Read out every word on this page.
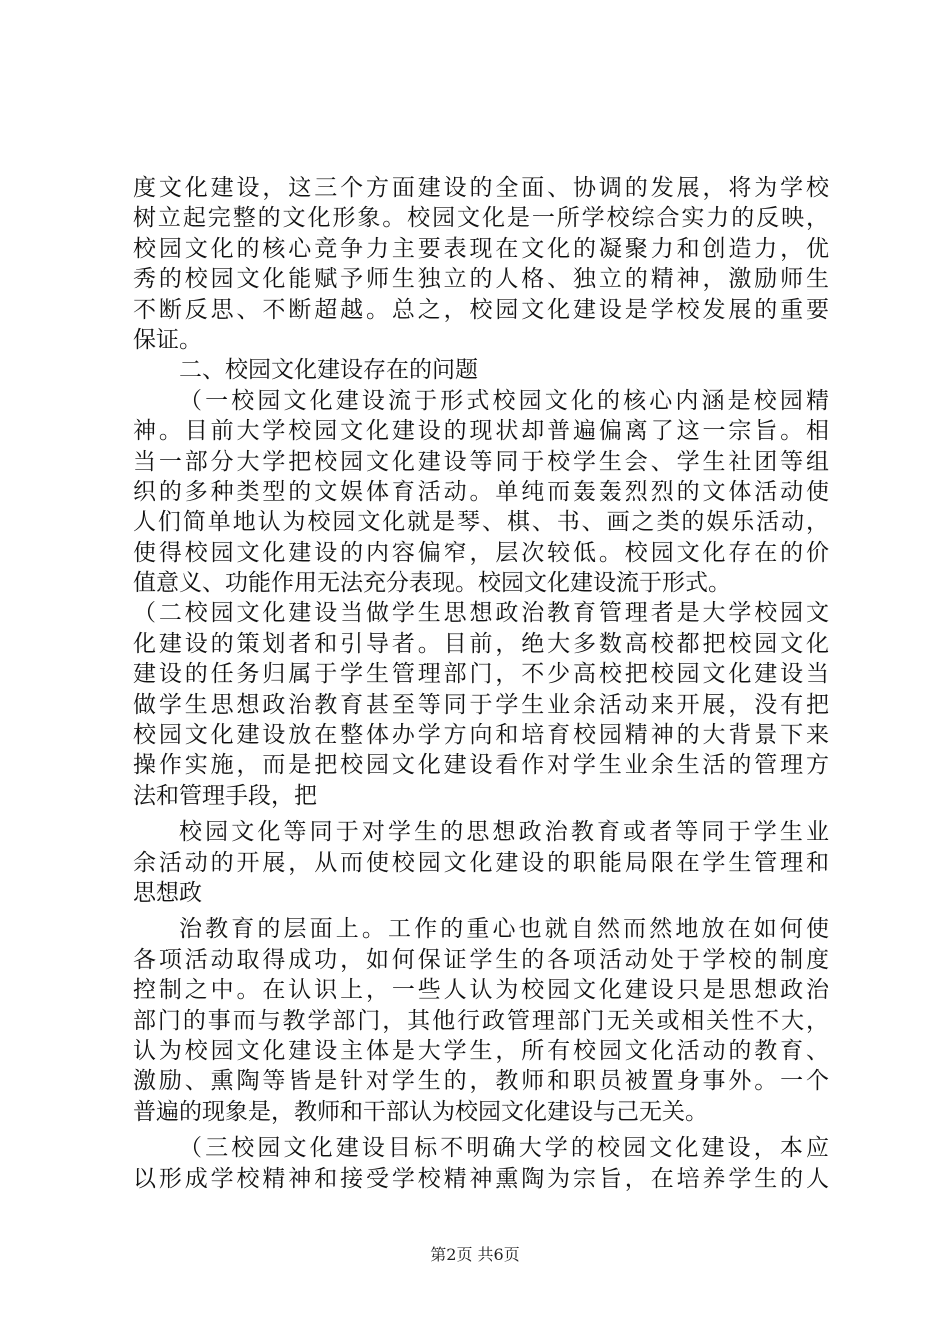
度文化建设，这三个方面建设的全面、协调的发展，将为学校
树立起完整的文化形象。校园文化是一所学校综合实力的反映，
校园文化的核心竞争力主要表现在文化的凝聚力和创造力，优
秀的校园文化能赋予师生独立的人格、独立的精神，激励师生
不断反思、不断超越。总之，校园文化建设是学校发展的重要
保证。
二、校园文化建设存在的问题
（一校园文化建设流于形式校园文化的核心内涵是校园精
神。目前大学校园文化建设的现状却普遍偏离了这一宗旨。相
当一部分大学把校园文化建设等同于校学生会、学生社团等组
织的多种类型的文娱体育活动。单纯而轰轰烈烈的文体活动使
人们简单地认为校园文化就是琴、棋、书、画之类的娱乐活动，
使得校园文化建设的内容偏窄，层次较低。校园文化存在的价
值意义、功能作用无法充分表现。校园文化建设流于形式。
（二校园文化建设当做学生思想政治教育管理者是大学校园文
化建设的策划者和引导者。目前，绝大多数高校都把校园文化
建设的任务归属于学生管理部门，不少高校把校园文化建设当
做学生思想政治教育甚至等同于学生业余活动来开展，没有把
校园文化建设放在整体办学方向和培育校园精神的大背景下来
操作实施，而是把校园文化建设看作对学生业余生活的管理方
法和管理手段，把
校园文化等同于对学生的思想政治教育或者等同于学生业
余活动的开展，从而使校园文化建设的职能局限在学生管理和
思想政
治教育的层面上。工作的重心也就自然而然地放在如何使
各项活动取得成功，如何保证学生的各项活动处于学校的制度
控制之中。在认识上，一些人认为校园文化建设只是思想政治
部门的事而与教学部门，其他行政管理部门无关或相关性不大，
认为校园文化建设主体是大学生，所有校园文化活动的教育、
激励、熏陶等皆是针对学生的，教师和职员被置身事外。一个
普遍的现象是，教师和干部认为校园文化建设与己无关。
（三校园文化建设目标不明确大学的校园文化建设，本应
以形成学校精神和接受学校精神熏陶为宗旨，在培养学生的人
第2页 共6页
